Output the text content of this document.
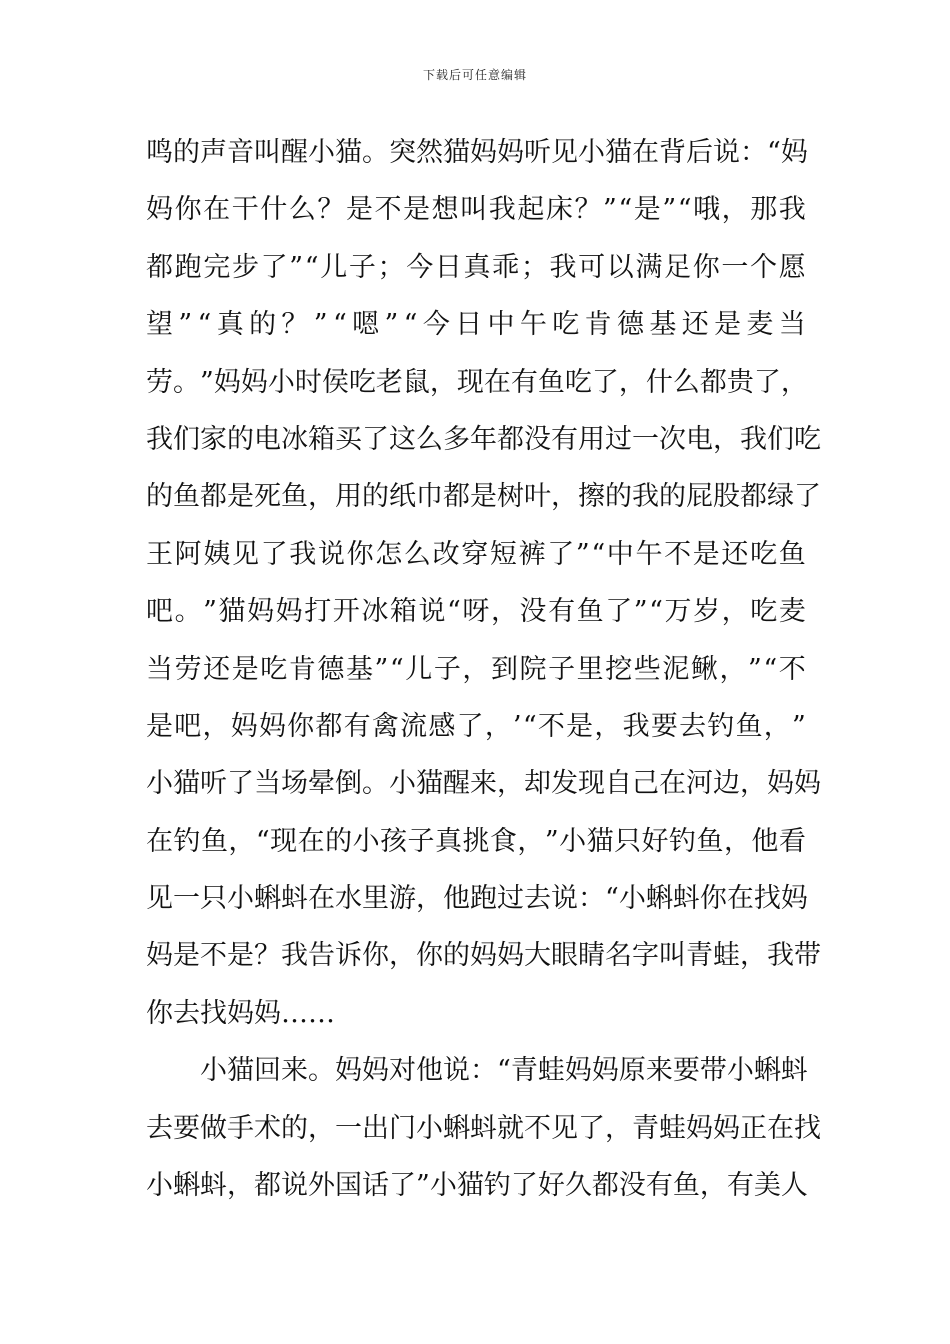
下载后可任意编辑
鸣 的 声 音 叫 醒 小 猫 。 突 然 猫 妈 妈 听 见 小 猫 在 背 后 说 ： “ 妈
妈 你 在 干 什 么 ？ 是 不 是 想 叫 我 起 床 ？ ” “ 是 ” “ 哦 ， 那 我
都 跑 完 步 了 ” “ 儿 子 ； 今 日 真 乖 ； 我 可 以 满 足 你 一 个 愿
望 ” “ 真 的 ？ ” “ 嗯 ” “ 今 日 中 午 吃 肯 德 基 还 是 麦 当
劳 。 ” 妈 妈 小 时 侯 吃 老 鼠 ， 现 在 有 鱼 吃 了 ， 什 么 都 贵 了 ，
我 们 家 的 电 冰 箱 买 了 这 么 多 年 都 没 有 用 过 一 次 电 ， 我 们 吃
的 鱼 都 是 死 鱼 ， 用 的 纸 巾 都 是 树 叶 ， 擦 的 我 的 屁 股 都 绿 了
王 阿 姨 见 了 我 说 你 怎 么 改 穿 短 裤 了 ” “ 中 午 不 是 还 吃 鱼
吧 。 ” 猫 妈 妈 打 开 冰 箱 说 “ 呀 ， 没 有 鱼 了 ” “ 万 岁 ， 吃 麦
当 劳 还 是 吃 肯 德 基 ” “ 儿 子 ， 到 院 子 里 挖 些 泥 鳅 ， ” “ 不
是 吧 ， 妈 妈 你 都 有 禽 流 感 了 ， ’ “ 不 是 ， 我 要 去 钓 鱼 ， ”
小 猫 听 了 当 场 晕 倒 。 小 猫 醒 来 ， 却 发 现 自 己 在 河 边 ， 妈 妈
在 钓 鱼 ， “ 现 在 的 小 孩 子 真 挑 食 ， ” 小 猫 只 好 钓 鱼 ， 他 看
见 一 只 小 蝌 蚪 在 水 里 游 ， 他 跑 过 去 说 ： “ 小 蝌 蚪 你 在 找 妈
妈 是 不 是 ？ 我 告 诉 你 ， 你 的 妈 妈 大 眼 睛 名 字 叫 青 蛙 ， 我 带
你 去 找 妈 妈 … …
小 猫 回 来 。 妈 妈 对 他 说 ： “ 青 蛙 妈 妈 原 来 要 带 小 蝌 蚪
去 要 做 手 术 的 ， 一 出 门 小 蝌 蚪 就 不 见 了 ， 青 蛙 妈 妈 正 在 找
小 蝌 蚪 ， 都 说 外 国 话 了 ” 小 猫 钓 了 好 久 都 没 有 鱼 ， 有 美 人
